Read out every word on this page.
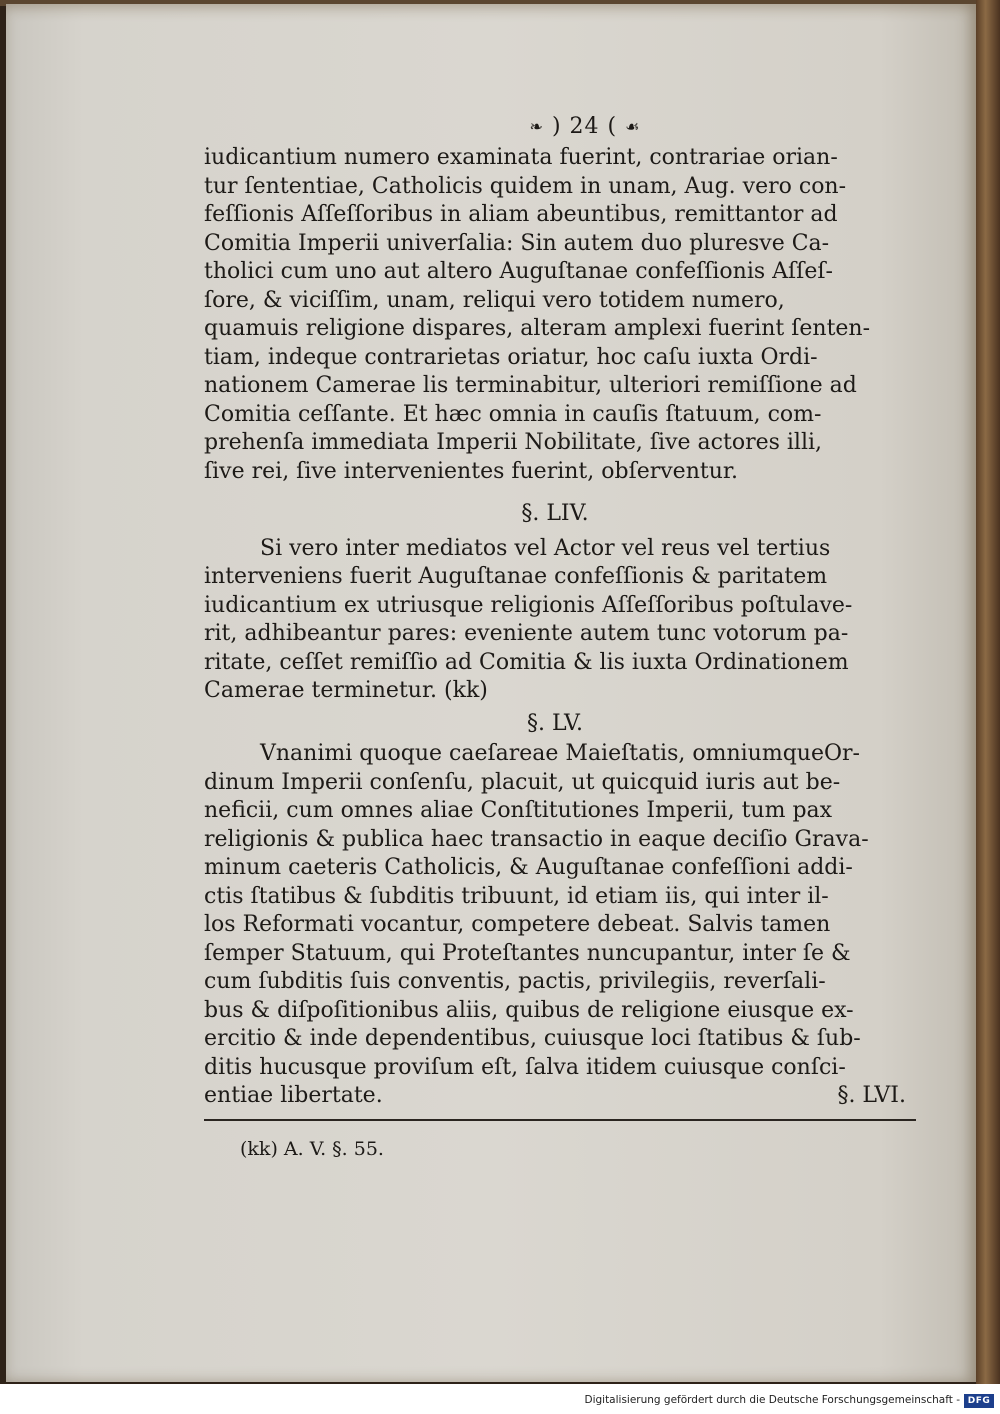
❧ ) 24 ( ☙
iudicantium numero examinata fuerint, contrariae orian-
tur ſententiae, Catholicis quidem in unam, Aug. vero con-
feſſionis Aſſeſſoribus in aliam abeuntibus, remittantor ad
Comitia Imperii univerſalia: Sin autem duo pluresve Ca-
tholici cum uno aut altero Auguſtanae confeſſionis Aſſeſ-
ſore, & viciſſim, unam, reliqui vero totidem numero,
quamuis religione dispares, alteram amplexi fuerint ſenten-
tiam, indeque contrarietas oriatur, hoc caſu iuxta Ordi-
nationem Camerae lis terminabitur, ulteriori remiſſione ad
Comitia ceſſante. Et hæc omnia in cauſis ſtatuum, com-
prehenſa immediata Imperii Nobilitate, ſive actores illi,
ſive rei, ſive intervenientes fuerint, obſerventur.
§. LIV.
Si vero inter mediatos vel Actor vel reus vel tertius
interveniens fuerit Auguſtanae confeſſionis & paritatem
iudicantium ex utriusque religionis Aſſeſſoribus poſtulave-
rit, adhibeantur pares: eveniente autem tunc votorum pa-
ritate, ceſſet remiſſio ad Comitia & lis iuxta Ordinationem
Camerae terminetur. (kk)
§. LV.
Vnanimi quoque caeſareae Maieſtatis, omniumqueOr-
dinum Imperii conſenſu, placuit, ut quicquid iuris aut be-
neficii, cum omnes aliae Conſtitutiones Imperii, tum pax
religionis & publica haec transactio in eaque deciſio Grava-
minum caeteris Catholicis, & Auguſtanae confeſſioni addi-
ctis ſtatibus & ſubditis tribuunt, id etiam iis, qui inter il-
los Reformati vocantur, competere debeat. Salvis tamen
ſemper Statuum, qui Proteſtantes nuncupantur, inter ſe &
cum ſubditis ſuis conventis, pactis, privilegiis, reverſali-
bus & diſpoſitionibus aliis, quibus de religione eiusque ex-
ercitio & inde dependentibus, cuiusque loci ſtatibus & ſub-
ditis hucusque proviſum eſt, ſalva itidem cuiusque conſci-
entiae libertate.	§. LVI.
(kk) A. V. §. 55.
Digitalisierung gefördert durch die Deutsche Forschungsgemeinschaft - DFG
